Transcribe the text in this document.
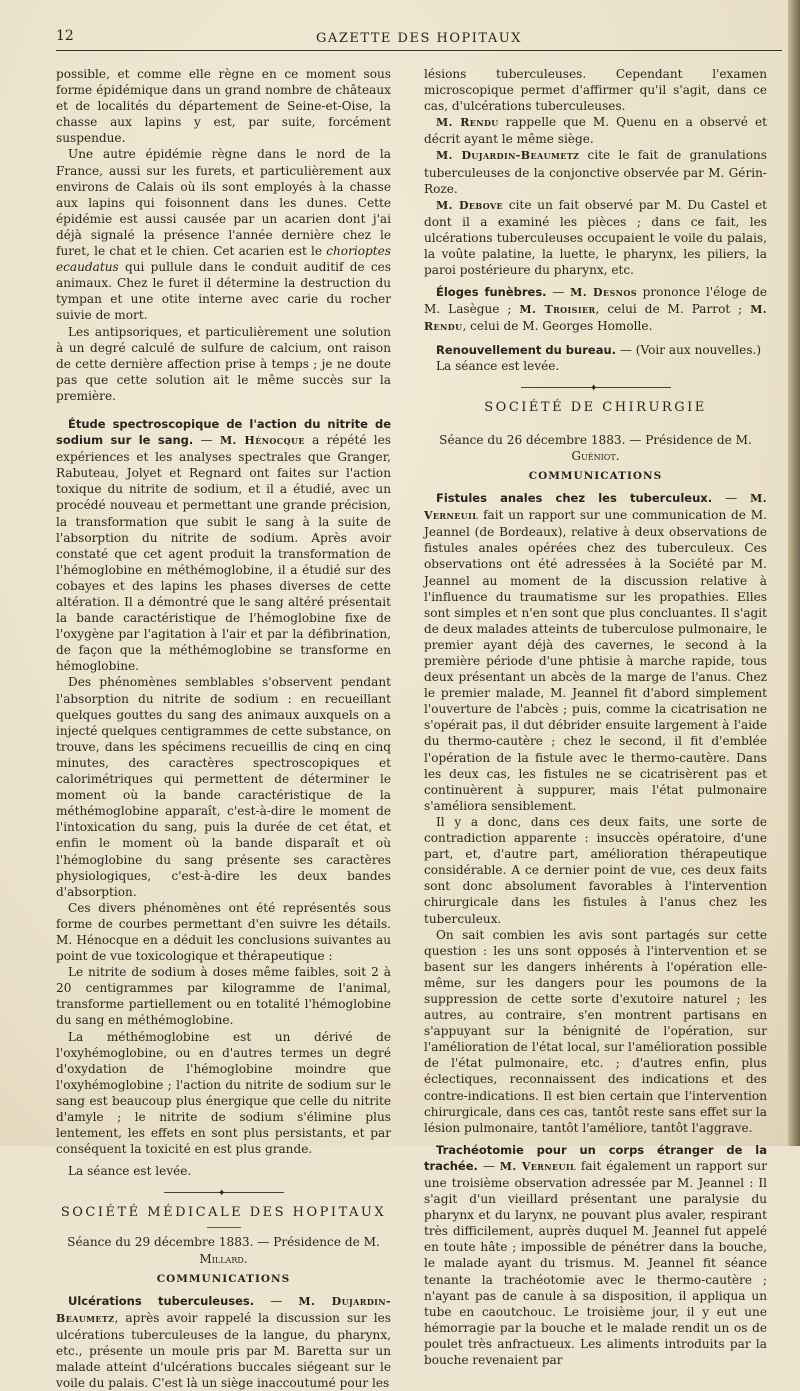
12	GAZETTE DES HOPITAUX

possible, et comme elle règne en ce moment sous forme épidémique dans un grand nombre de châteaux et de localités du département de Seine-et-Oise, la chasse aux lapins y est, par suite, forcément suspendue.

Une autre épidémie règne dans le nord de la France, aussi sur les furets, et particulièrement aux environs de Calais où ils sont employés à la chasse aux lapins qui foisonnent dans les dunes. Cette épidémie est aussi causée par un acarien dont j'ai déjà signalé la présence l'année dernière chez le furet, le chat et le chien. Cet acarien est le chorioptes ecaudatus qui pullule dans le conduit auditif de ces animaux. Chez le furet il détermine la destruction du tympan et une otite interne avec carie du rocher suivie de mort.

Les antipsoriques, et particulièrement une solution à un degré calculé de sulfure de calcium, ont raison de cette dernière affection prise à temps ; je ne doute pas que cette solution ait le même succès sur la première.

Étude spectroscopique de l'action du nitrite de sodium sur le sang. — M. Hénocque a répété les expériences et les analyses spectrales que Granger, Rabuteau, Jolyet et Regnard ont faites sur l'action toxique du nitrite de sodium, et il a étudié, avec un procédé nouveau et permettant une grande précision, la transformation que subit le sang à la suite de l'absorption du nitrite de sodium. Après avoir constaté que cet agent produit la transformation de l'hémoglobine en méthémoglobine, il a étudié sur des cobayes et des lapins les phases diverses de cette altération. Il a démontré que le sang altéré présentait la bande caractéristique de l'hémoglobine fixe de l'oxygène par l'agitation à l'air et par la défibrination, de façon que la méthémoglobine se transforme en hémoglobine.

Des phénomènes semblables s'observent pendant l'absorption du nitrite de sodium : en recueillant quelques gouttes du sang des animaux auxquels on a injecté quelques centigrammes de cette substance, on trouve, dans les spécimens recueillis de cinq en cinq minutes, des caractères spectroscopiques et calorimétriques qui permettent de déterminer le moment où la bande caractéristique de la méthémoglobine apparaît, c'est-à-dire le moment de l'intoxication du sang, puis la durée de cet état, et enfin le moment où la bande disparaît et où l'hémoglobine du sang présente ses caractères physiologiques, c'est-à-dire les deux bandes d'absorption.

Ces divers phénomènes ont été représentés sous forme de courbes permettant d'en suivre les détails. M. Hénocque en a déduit les conclusions suivantes au point de vue toxicologique et thérapeutique :

Le nitrite de sodium à doses même faibles, soit 2 à 20 centigrammes par kilogramme de l'animal, transforme partiellement ou en totalité l'hémoglobine du sang en méthémoglobine.

La méthémoglobine est un dérivé de l'oxyhémoglobine, ou en d'autres termes un degré d'oxydation de l'hémoglobine moindre que l'oxyhémoglobine ; l'action du nitrite de sodium sur le sang est beaucoup plus énergique que celle du nitrite d'amyle ; le nitrite de sodium s'élimine plus lentement, les effets en sont plus persistants, et par conséquent la toxicité en est plus grande.

La séance est levée.

✦
SOCIÉTÉ MÉDICALE DES HOPITAUX
Séance du 29 décembre 1883. — Présidence de M. Millard.
COMMUNICATIONS

Ulcérations tuberculeuses. — M. Dujardin-Beaumetz, après avoir rappelé la discussion sur les ulcérations tuberculeuses de la langue, du pharynx, etc., présente un moule pris par M. Baretta sur un malade atteint d'ulcérations buccales siégeant sur le voile du palais. C'est là un siège inaccoutumé pour les

lésions tuberculeuses. Cependant l'examen microscopique permet d'affirmer qu'il s'agit, dans ce cas, d'ulcérations tuberculeuses.

M. Rendu rappelle que M. Quenu en a observé et décrit ayant le même siège.

M. Dujardin-Beaumetz cite le fait de granulations tuberculeuses de la conjonctive observée par M. Gérin-Roze.

M. Debove cite un fait observé par M. Du Castel et dont il a examiné les pièces ; dans ce fait, les ulcérations tuberculeuses occupaient le voile du palais, la voûte palatine, la luette, le pharynx, les piliers, la paroi postérieure du pharynx, etc.

Éloges funèbres. — M. Desnos prononce l'éloge de M. Lasègue ; M. Troisier, celui de M. Parrot ; M. Rendu, celui de M. Georges Homolle.

Renouvellement du bureau. — (Voir aux nouvelles.)

La séance est levée.

✦
SOCIÉTÉ DE CHIRURGIE
Séance du 26 décembre 1883. — Présidence de M. Guéniot.
COMMUNICATIONS

Fistules anales chez les tuberculeux. — M. Verneuil fait un rapport sur une communication de M. Jeannel (de Bordeaux), relative à deux observations de fistules anales opérées chez des tuberculeux. Ces observations ont été adressées à la Société par M. Jeannel au moment de la discussion relative à l'influence du traumatisme sur les propathies. Elles sont simples et n'en sont que plus concluantes. Il s'agit de deux malades atteints de tuberculose pulmonaire, le premier ayant déjà des cavernes, le second à la première période d'une phtisie à marche rapide, tous deux présentant un abcès de la marge de l'anus. Chez le premier malade, M. Jeannel fit d'abord simplement l'ouverture de l'abcès ; puis, comme la cicatrisation ne s'opérait pas, il dut débrider ensuite largement à l'aide du thermo-cautère ; chez le second, il fit d'emblée l'opération de la fistule avec le thermo-cautère. Dans les deux cas, les fistules ne se cicatrisèrent pas et continuèrent à suppurer, mais l'état pulmonaire s'améliora sensiblement.

Il y a donc, dans ces deux faits, une sorte de contradiction apparente : insuccès opératoire, d'une part, et, d'autre part, amélioration thérapeutique considérable. A ce dernier point de vue, ces deux faits sont donc absolument favorables à l'intervention chirurgicale dans les fistules à l'anus chez les tuberculeux.

On sait combien les avis sont partagés sur cette question : les uns sont opposés à l'intervention et se basent sur les dangers inhérents à l'opération elle-même, sur les dangers pour les poumons de la suppression de cette sorte d'exutoire naturel ; les autres, au contraire, s'en montrent partisans en s'appuyant sur la bénignité de l'opération, sur l'amélioration de l'état local, sur l'amélioration possible de l'état pulmonaire, etc. ; d'autres enfin, plus éclectiques, reconnaissent des indications et des contre-indications. Il est bien certain que l'intervention chirurgicale, dans ces cas, tantôt reste sans effet sur la lésion pulmonaire, tantôt l'améliore, tantôt l'aggrave.

Trachéotomie pour un corps étranger de la trachée. — M. Verneuil fait également un rapport sur une troisième observation adressée par M. Jeannel : Il s'agit d'un vieillard présentant une paralysie du pharynx et du larynx, ne pouvant plus avaler, respirant très difficilement, auprès duquel M. Jeannel fut appelé en toute hâte ; impossible de pénétrer dans la bouche, le malade ayant du trismus. M. Jeannel fit séance tenante la trachéotomie avec le thermo-cautère ; n'ayant pas de canule à sa disposition, il appliqua un tube en caoutchouc. Le troisième jour, il y eut une hémorragie par la bouche et le malade rendit un os de poulet très anfractueux. Les aliments introduits par la bouche revenaient par
